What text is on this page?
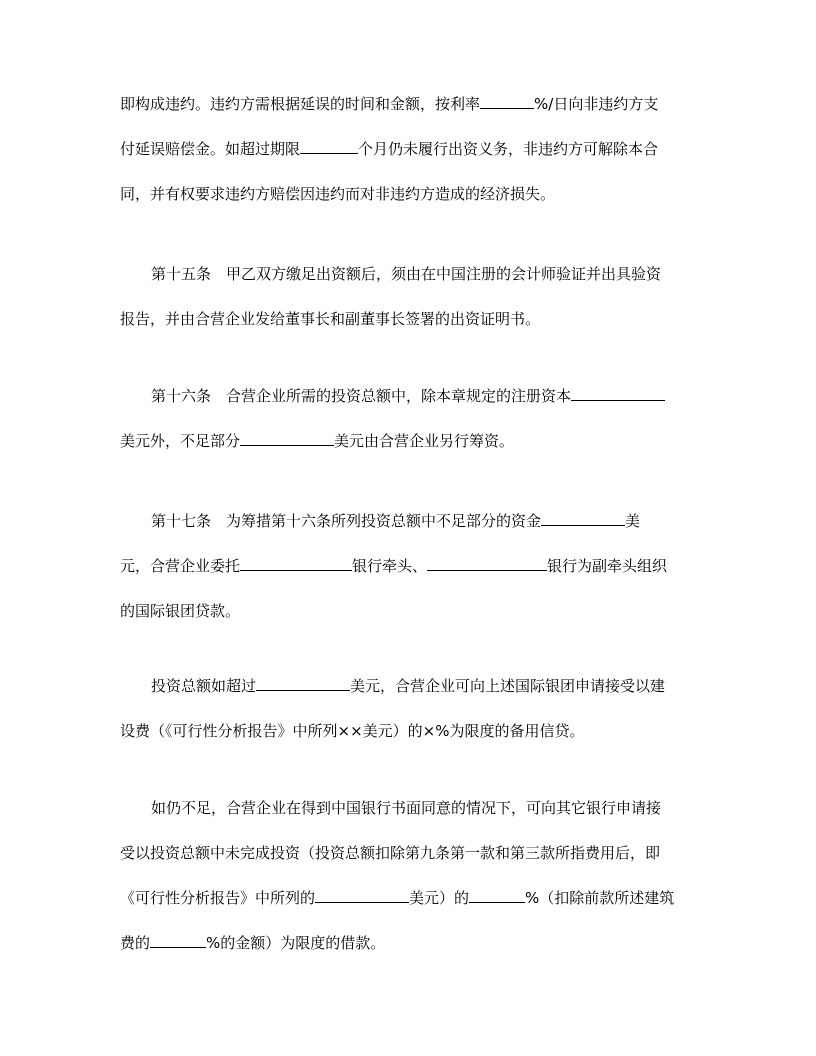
即构成违约。违约方需根据延误的时间和金额，按利率	%/日向非违约方支
付延误赔偿金。如超过期限	个月仍未履行出资义务，非违约方可解除本合
同，并有权要求违约方赔偿因违约而对非违约方造成的经济损失。
第十五条 甲乙双方缴足出资额后，须由在中国注册的会计师验证并出具验资
报告，并由合营企业发给董事长和副董事长签署的出资证明书。
第十六条 合营企业所需的投资总额中，除本章规定的注册资本
美元外，不足部分	美元由合营企业另行筹资。
第十七条 为筹措第十六条所列投资总额中不足部分的资金	美
元，合营企业委托	银行牵头、	银行为副牵头组织
的国际银团贷款。
投资总额如超过	美元，合营企业可向上述国际银团申请接受以建
设费（《可行性分析报告》中所列××美元）的×%为限度的备用信贷。
如仍不足，合营企业在得到中国银行书面同意的情况下，可向其它银行申请接
受以投资总额中未完成投资（投资总额扣除第九条第一款和第三款所指费用后，即
《可行性分析报告》中所列的	美元）的	%（扣除前款所述建筑
费的	%的金额）为限度的借款。
